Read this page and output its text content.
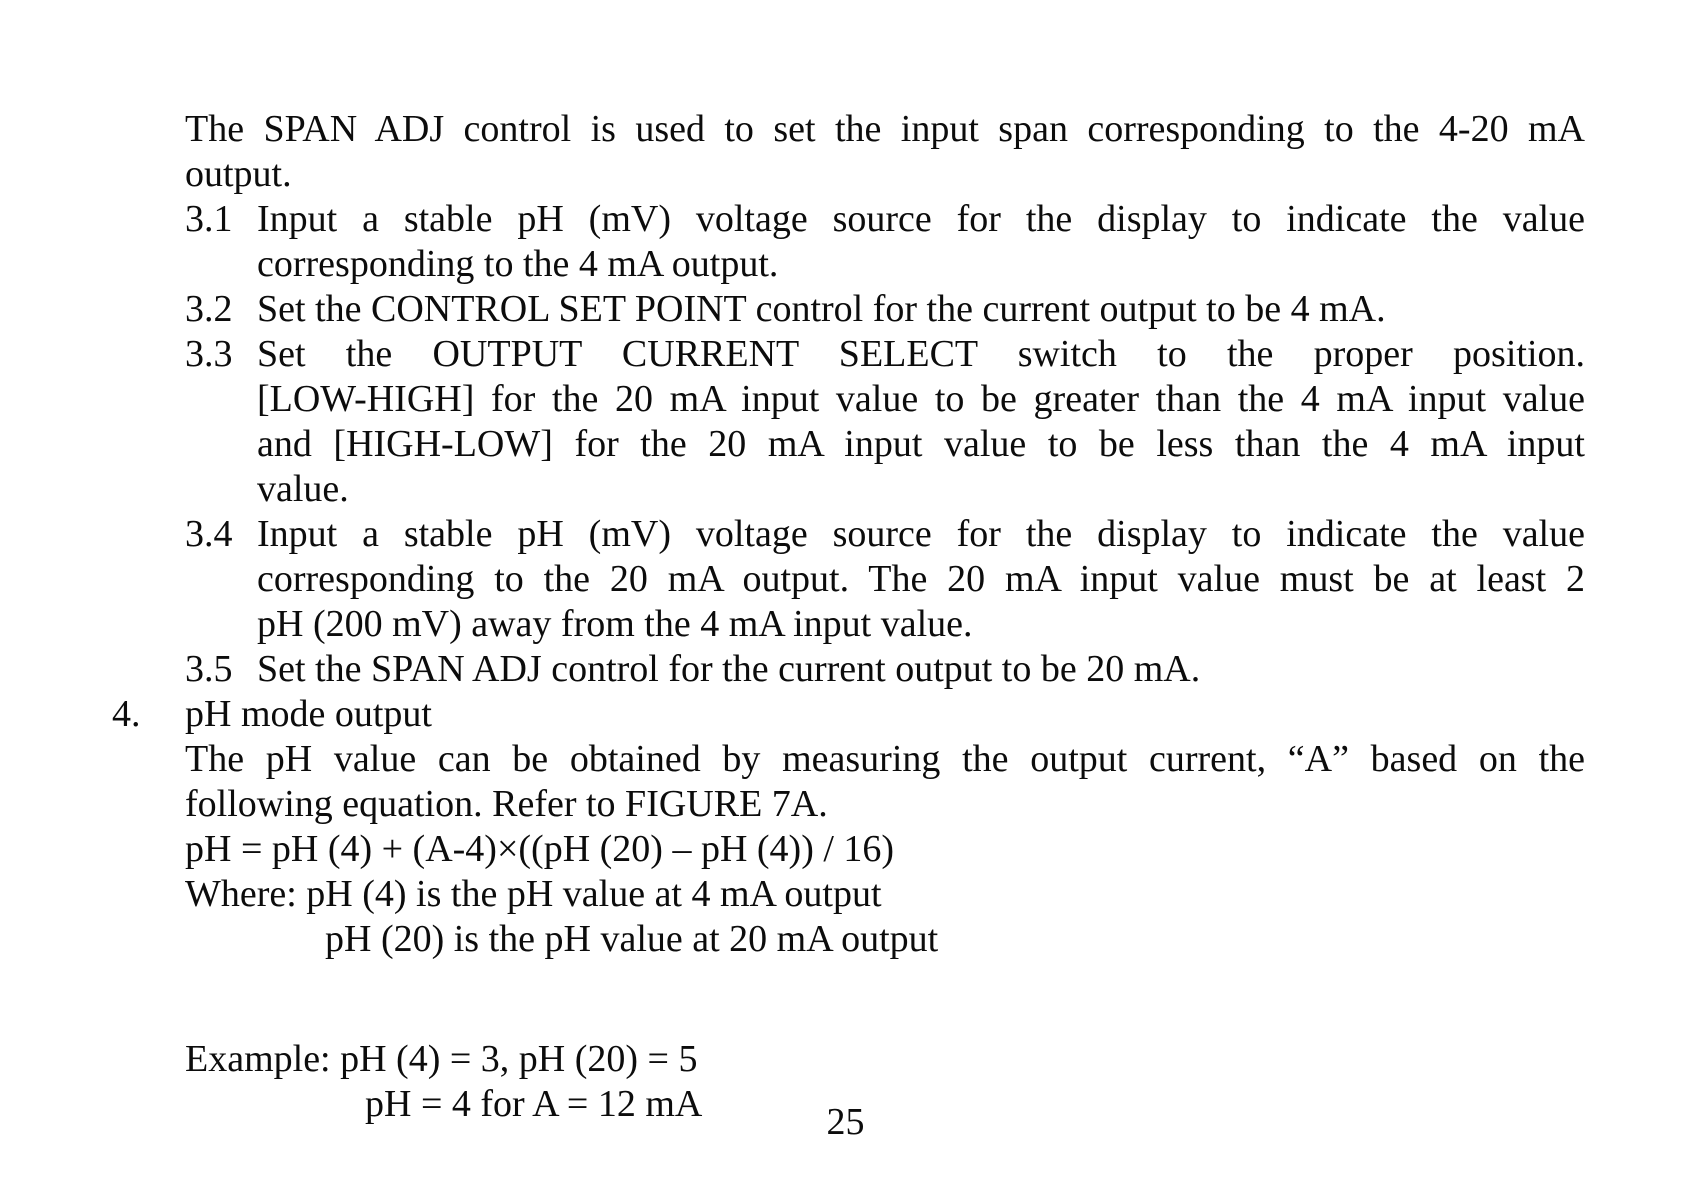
The SPAN ADJ control is used to set the input span corresponding to the 4-20 mA
output.
3.1 Input a stable pH (mV) voltage source for the display to indicate the value
corresponding to the 4 mA output.
3.2 Set the CONTROL SET POINT control for the current output to be 4 mA.
3.3 Set the OUTPUT CURRENT SELECT switch to the proper position.
[LOW-HIGH] for the 20 mA input value to be greater than the 4 mA input value
and [HIGH-LOW] for the 20 mA input value to be less than the 4 mA input
value.
3.4 Input a stable pH (mV) voltage source for the display to indicate the value
corresponding to the 20 mA output. The 20 mA input value must be at least 2
pH (200 mV) away from the 4 mA input value.
3.5 Set the SPAN ADJ control for the current output to be 20 mA.
4. pH mode output
The pH value can be obtained by measuring the output current, “A” based on the
following equation. Refer to FIGURE 7A.
pH = pH (4) + (A-4)×((pH (20) – pH (4)) / 16)
Where: pH (4) is the pH value at 4 mA output
pH (20) is the pH value at 20 mA output
Example: pH (4) = 3, pH (20) = 5
pH = 4 for A = 12 mA	25
